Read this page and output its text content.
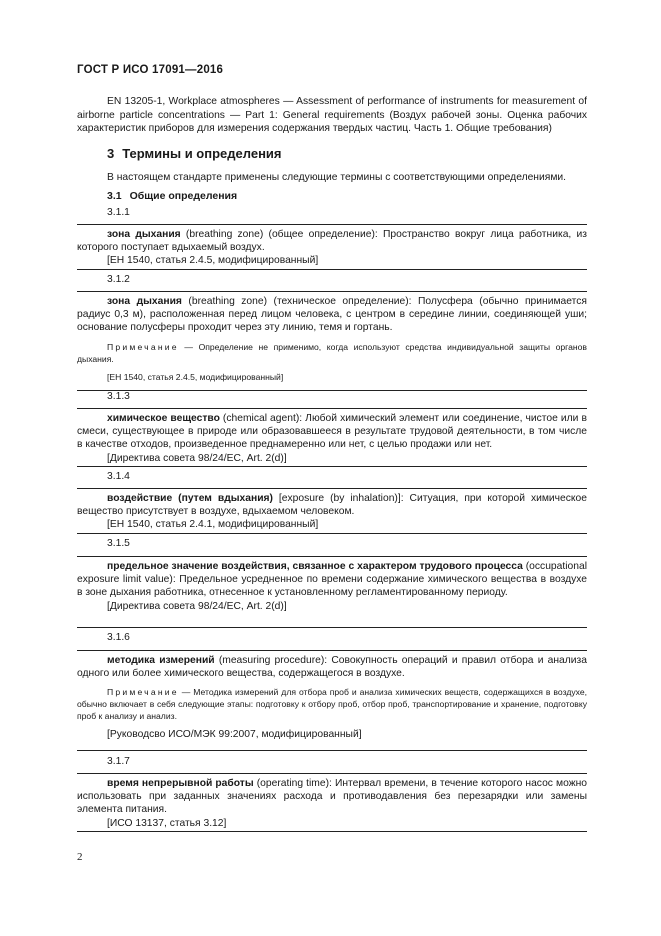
ГОСТ Р ИСО 17091—2016
EN 13205-1, Workplace atmospheres — Assessment of performance of instruments for measurement of airborne particle concentrations — Part 1: General requirements (Воздух рабочей зоны. Оценка рабочих характеристик приборов для измерения содержания твердых частиц. Часть 1. Общие требования)
3 Термины и определения
В настоящем стандарте применены следующие термины с соответствующими определениями.
3.1 Общие определения
3.1.1

зона дыхания (breathing zone) (общее определение): Пространство вокруг лица работника, из которого поступает вдыхаемый воздух.

[ЕН 1540, статья 2.4.5, модифицированный]

3.1.2

зона дыхания (breathing zone) (техническое определение): Полусфера (обычно принимается радиус 0,3 м), расположенная перед лицом человека, с центром в середине линии, соединяющей уши; основание полусферы проходит через эту линию, темя и гортань.

Примечание — Определение не применимо, когда используют средства индивидуальной защиты органов дыхания.

[ЕН 1540, статья 2.4.5, модифицированный]

3.1.3

химическое вещество (chemical agent): Любой химический элемент или соединение, чистое или в смеси, существующее в природе или образовавшееся в результате трудовой деятельности, в том числе в качестве отходов, произведенное преднамеренно или нет, с целью продажи или нет.

[Директива совета 98/24/ЕС, Art. 2(d)]

3.1.4

воздействие (путем вдыхания) [exposure (by inhalation)]: Ситуация, при которой химическое вещество присутствует в воздухе, вдыхаемом человеком.

[ЕН 1540, статья 2.4.1, модифицированный]

3.1.5

предельное значение воздействия, связанное с характером трудового процесса (occupational exposure limit value): Предельное усредненное по времени содержание химического вещества в воздухе в зоне дыхания работника, отнесенное к установленному регламентированному периоду.

[Директива совета 98/24/ЕС, Art. 2(d)]

3.1.6

методика измерений (measuring procedure): Совокупность операций и правил отбора и анализа одного или более химического вещества, содержащегося в воздухе.

Примечание — Методика измерений для отбора проб и анализа химических веществ, содержащихся в воздухе, обычно включает в себя следующие этапы: подготовку к отбору проб, отбор проб, транспортирование и хранение, подготовку проб к анализу и анализ.

[Руководсво ИСО/МЭК 99:2007, модифицированный]

3.1.7

время непрерывной работы (operating time): Интервал времени, в течение которого насос можно использовать при заданных значениях расхода и противодавления без перезарядки или замены элемента питания.

[ИСО 13137, статья 3.12]

2
